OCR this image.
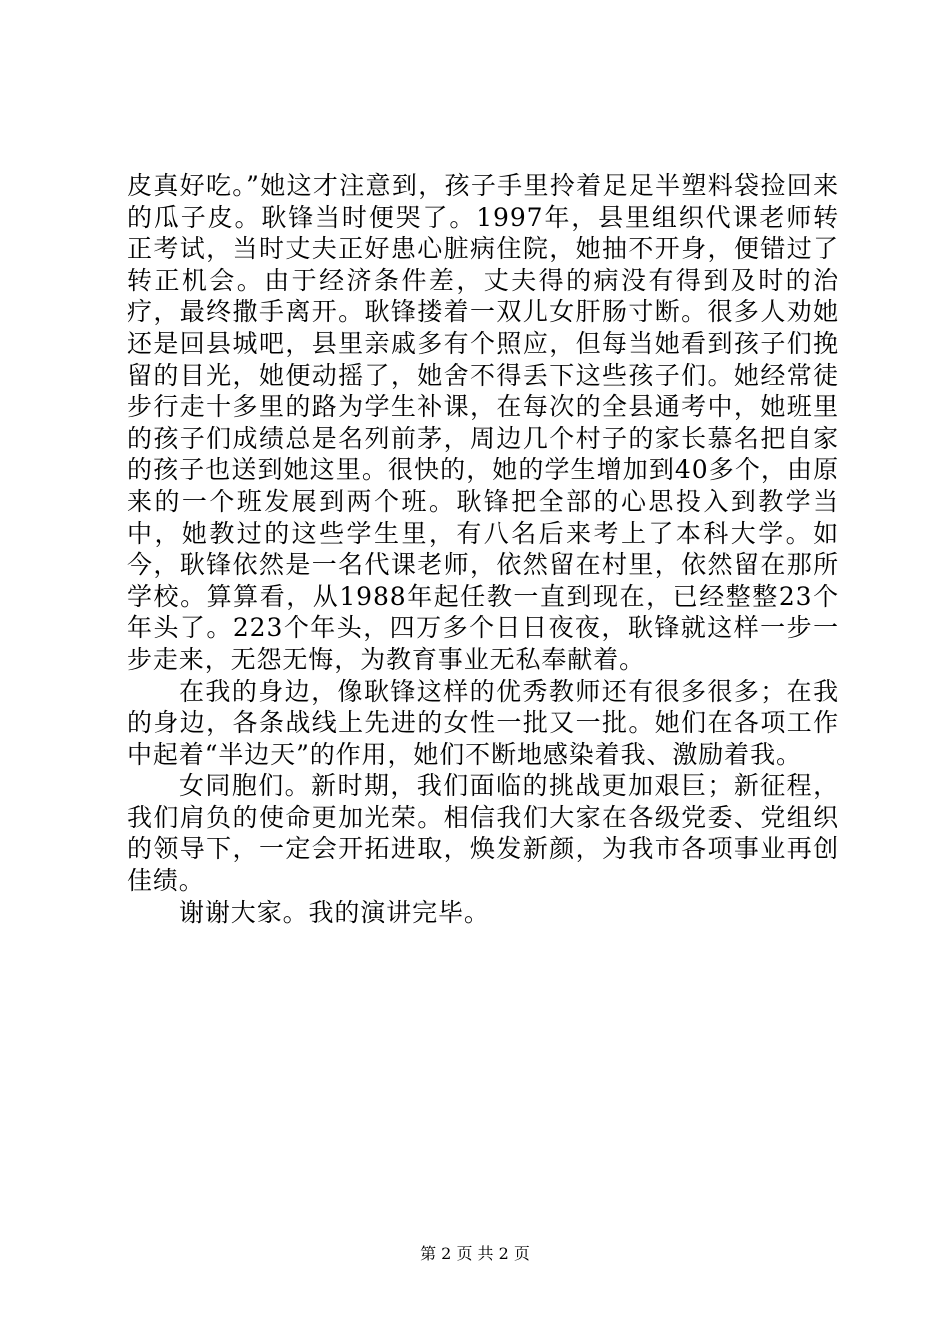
皮真好吃。”她这才注意到，孩子手里拎着足足半塑料袋捡回来的瓜子皮。耿锋当时便哭了。1997年，县里组织代课老师转正考试，当时丈夫正好患心脏病住院，她抽不开身，便错过了转正机会。由于经济条件差，丈夫得的病没有得到及时的治疗，最终撒手离开。耿锋搂着一双儿女肝肠寸断。很多人劝她还是回县城吧，县里亲戚多有个照应，但每当她看到孩子们挽留的目光，她便动摇了，她舍不得丢下这些孩子们。她经常徒步行走十多里的路为学生补课，在每次的全县通考中，她班里的孩子们成绩总是名列前茅，周边几个村子的家长慕名把自家的孩子也送到她这里。很快的，她的学生增加到40多个，由原来的一个班发展到两个班。耿锋把全部的心思投入到教学当中，她教过的这些学生里，有八名后来考上了本科大学。如今，耿锋依然是一名代课老师，依然留在村里，依然留在那所学校。算算看，从1988年起任教一直到现在，已经整整23个年头了。223个年头，四万多个日日夜夜，耿锋就这样一步一步走来，无怨无悔，为教育事业无私奉献着。

在我的身边，像耿锋这样的优秀教师还有很多很多；在我的身边，各条战线上先进的女性一批又一批。她们在各项工作中起着“半边天”的作用，她们不断地感染着我、激励着我。

女同胞们。新时期，我们面临的挑战更加艰巨；新征程，我们肩负的使命更加光荣。相信我们大家在各级党委、党组织的领导下，一定会开拓进取，焕发新颜，为我市各项事业再创佳绩。

谢谢大家。我的演讲完毕。

第 2 页 共 2 页
